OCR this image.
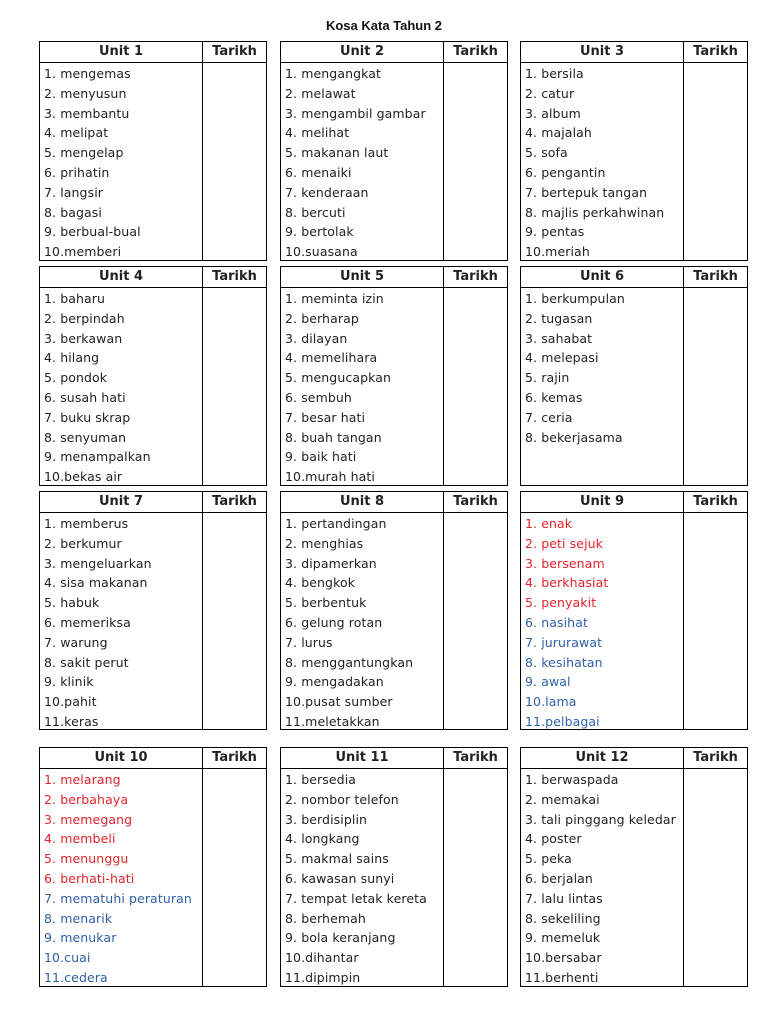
Kosa Kata Tahun 2
Unit 1	Tarikh
1. mengemas
2. menyusun
3. membantu
4. melipat
5. mengelap
6. prihatin
7. langsir
8. bagasi
9. berbual-bual
10.memberi
Unit 2	Tarikh
1. mengangkat
2. melawat
3. mengambil gambar
4. melihat
5. makanan laut
6. menaiki
7. kenderaan
8. bercuti
9. bertolak
10.suasana
Unit 3	Tarikh
1. bersila
2. catur
3. album
4. majalah
5. sofa
6. pengantin
7. bertepuk tangan
8. majlis perkahwinan
9. pentas
10.meriah
Unit 4	Tarikh
1. baharu
2. berpindah
3. berkawan
4. hilang
5. pondok
6. susah hati
7. buku skrap
8. senyuman
9. menampalkan
10.bekas air
Unit 5	Tarikh
1. meminta izin
2. berharap
3. dilayan
4. memelihara
5. mengucapkan
6. sembuh
7. besar hati
8. buah tangan
9. baik hati
10.murah hati
Unit 6	Tarikh
1. berkumpulan
2. tugasan
3. sahabat
4. melepasi
5. rajin
6. kemas
7. ceria
8. bekerjasama
Unit 7	Tarikh
1. memberus
2. berkumur
3. mengeluarkan
4. sisa makanan
5. habuk
6. memeriksa
7. warung
8. sakit perut
9. klinik
10.pahit
11.keras
Unit 8	Tarikh
1. pertandingan
2. menghias
3. dipamerkan
4. bengkok
5. berbentuk
6. gelung rotan
7. lurus
8. menggantungkan
9. mengadakan
10.pusat sumber
11.meletakkan
Unit 9	Tarikh
1. enak
2. peti sejuk
3. bersenam
4. berkhasiat
5. penyakit
6. nasihat
7. jururawat
8. kesihatan
9. awal
10.lama
11.pelbagai
Unit 10	Tarikh
1. melarang
2. berbahaya
3. memegang
4. membeli
5. menunggu
6. berhati-hati
7. mematuhi peraturan
8. menarik
9. menukar
10.cuai
11.cedera
Unit 11	Tarikh
1. bersedia
2. nombor telefon
3. berdisiplin
4. longkang
5. makmal sains
6. kawasan sunyi
7. tempat letak kereta
8. berhemah
9. bola keranjang
10.dihantar
11.dipimpin
Unit 12	Tarikh
1. berwaspada
2. memakai
3. tali pinggang keledar
4. poster
5. peka
6. berjalan
7. lalu lintas
8. sekeliling
9. memeluk
10.bersabar
11.berhenti
